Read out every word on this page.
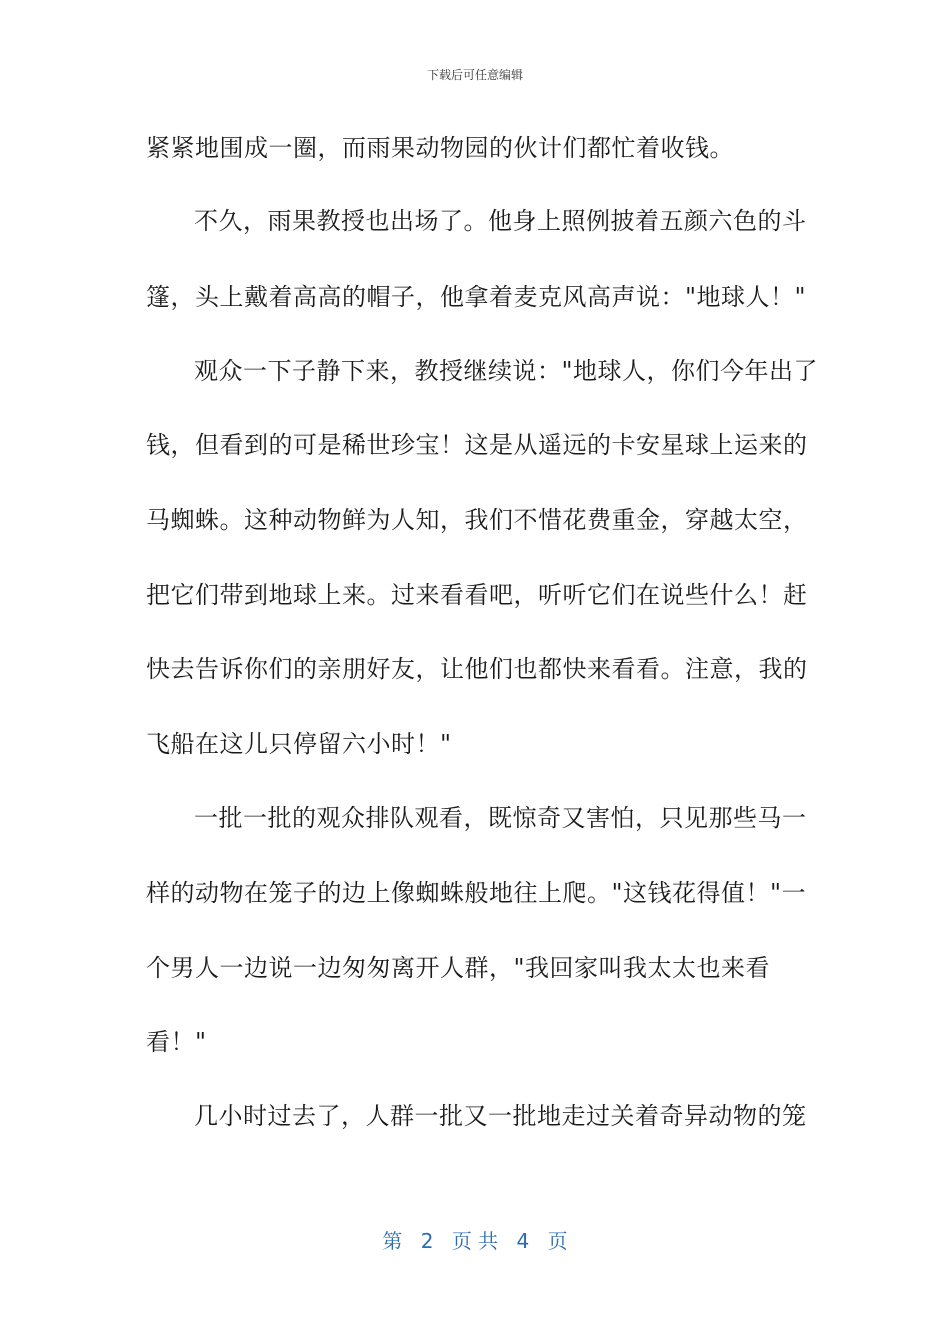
下载后可任意编辑
紧紧地围成一圈，而雨果动物园的伙计们都忙着收钱。
不久，雨果教授也出场了。他身上照例披着五颜六色的斗
篷，头上戴着高高的帽子，他拿着麦克风高声说："地球人！"
观众一下子静下来，教授继续说："地球人，你们今年出了
钱，但看到的可是稀世珍宝！这是从遥远的卡安星球上运来的
马蜘蛛。这种动物鲜为人知，我们不惜花费重金，穿越太空，
把它们带到地球上来。过来看看吧，听听它们在说些什么！赶
快去告诉你们的亲朋好友，让他们也都快来看看。注意，我的
飞船在这儿只停留六小时！"
一批一批的观众排队观看，既惊奇又害怕，只见那些马一
样的动物在笼子的边上像蜘蛛般地往上爬。"这钱花得值！"一
个男人一边说一边匆匆离开人群，"我回家叫我太太也来看
看！"
几小时过去了，人群一批又一批地走过关着奇异动物的笼
第 2 页 共 4 页
